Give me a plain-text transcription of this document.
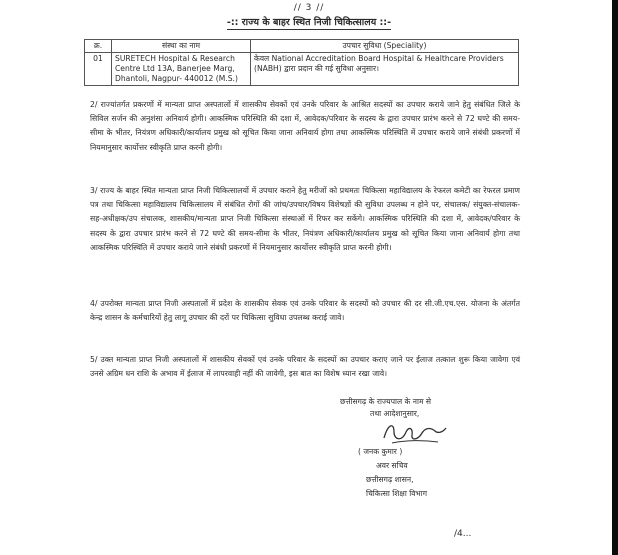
// 3 //
-:: राज्य के बाहर स्थित निजी चिकित्सालय ::-
क्र.	संस्था का नाम	उपचार सुविधा (Speciality)
01	SURETECH Hospital & Research Centre Ltd 13A, Banerjee Marg, Dhantoli, Nagpur- 440012 (M.S.)	केवल National Accreditation Board Hospital & Healthcare Providers (NABH) द्वारा प्रदान की गई सुविधा अनुसार।

2/ राज्यांतर्गत प्रकरणों में मान्यता प्राप्त अस्पतालों में शासकीय सेवकों एवं उनके परिवार के आश्रित सदस्यों का उपचार कराये जाने हेतु संबंधित जिले के सिविल सर्जन की अनुशंसा अनिवार्य होगी। आकस्मिक परिस्थिति की दशा में, आवेदक/परिवार के सदस्य के द्वारा उपचार प्रारंभ करने से 72 घण्टे की समय-सीमा के भीतर, नियंत्रण अधिकारी/कार्यालय प्रमुख को सूचित किया जाना अनिवार्य होगा तथा आकस्मिक परिस्थिति में उपचार कराये जाने संबंधी प्रकरणों में नियमानुसार कार्योत्तर स्वीकृति प्राप्त करनी होगी।

3/ राज्य के बाहर स्थित मान्यता प्राप्त निजी चिकित्सालयों में उपचार कराने हेतु मरीजों को प्रथमतः चिकित्सा महाविद्यालय के रेफरल कमेटी का रेफरल प्रमाण पत्र तथा चिकित्सा महाविद्यालय चिकित्सालय में संबंधित रोगों की जांच/उपचार/विषय विशेषज्ञों की सुविधा उपलब्ध न होने पर, संचालक/ संयुक्त-संचालक-सह-अधीक्षक/उप संचालक, शासकीय/मान्यता प्राप्त निजी चिकित्सा संस्थाओं में रिफर कर सकेंगे। आकस्मिक परिस्थिति की दशा में, आवेदक/परिवार के सदस्य के द्वारा उपचार प्रारंभ करने से 72 घण्टे की समय-सीमा के भीतर, नियंत्रण अधिकारी/कार्यालय प्रमुख को सूचित किया जाना अनिवार्य होगा तथा आकस्मिक परिस्थिति में उपचार कराये जाने संबंधी प्रकरणों में नियमानुसार कार्योत्तर स्वीकृति प्राप्त करनी होगी।

4/ उपरोक्त मान्यता प्राप्त निजी अस्पतालों में प्रदेश के शासकीय सेवक एवं उनके परिवार के सदस्यों को उपचार की दर सी.जी.एच.एस. योजना के अंतर्गत केन्द्र शासन के कर्मचारियों हेतु लागू उपचार की दरों पर चिकित्सा सुविधा उपलब्ध कराई जावे।

5/ उक्त मान्यता प्राप्त निजी अस्पतालों में शासकीय सेवकों एवं उनके परिवार के सदस्यों का उपचार कराए जाने पर ईलाज तत्काल शुरू किया जावेगा एवं उनसे अग्रिम धन राशि के अभाव में ईलाज में लापरवाही नहीं की जावेगी, इस बात का विशेष ध्यान रखा जावे।

छत्तीसगढ़ के राज्यपाल के नाम से

तथा आदेशानुसार,

( जनक कुमार )

अवर सचिव

छत्तीसगढ़ शासन,

चिकित्सा शिक्षा विभाग

/4...
